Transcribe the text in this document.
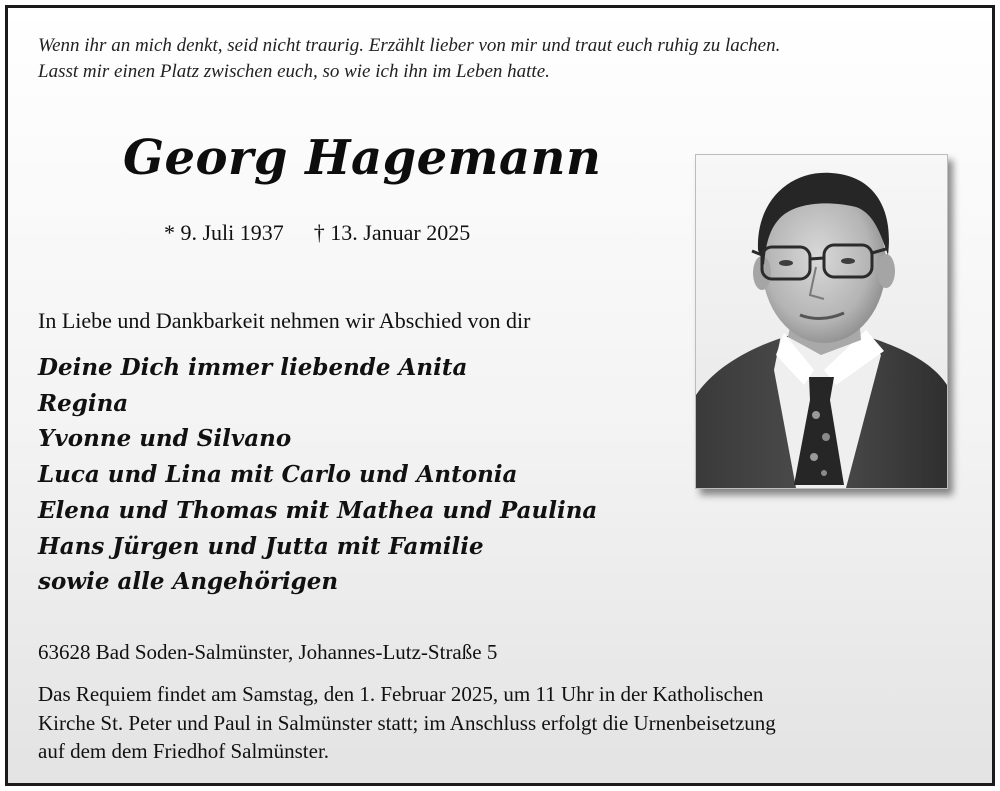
Wenn ihr an mich denkt, seid nicht traurig. Erzählt lieber von mir und traut euch ruhig zu lachen.

Lasst mir einen Platz zwischen euch, so wie ich ihn im Leben hatte.

Georg Hagemann

* 9. Juli 1937 † 13. Januar 2025

In Liebe und Dankbarkeit nehmen wir Abschied von dir

Deine Dich immer liebende Anita
Regina
Yvonne und Silvano
Luca und Lina mit Carlo und Antonia
Elena und Thomas mit Mathea und Paulina
Hans Jürgen und Jutta mit Familie
sowie alle Angehörigen

63628 Bad Soden-Salmünster, Johannes-Lutz-Straße 5

Das Requiem findet am Samstag, den 1. Februar 2025, um 11 Uhr in der Katholischen
Kirche St. Peter und Paul in Salmünster statt; im Anschluss erfolgt die Urnenbeisetzung
auf dem dem Friedhof Salmünster.
